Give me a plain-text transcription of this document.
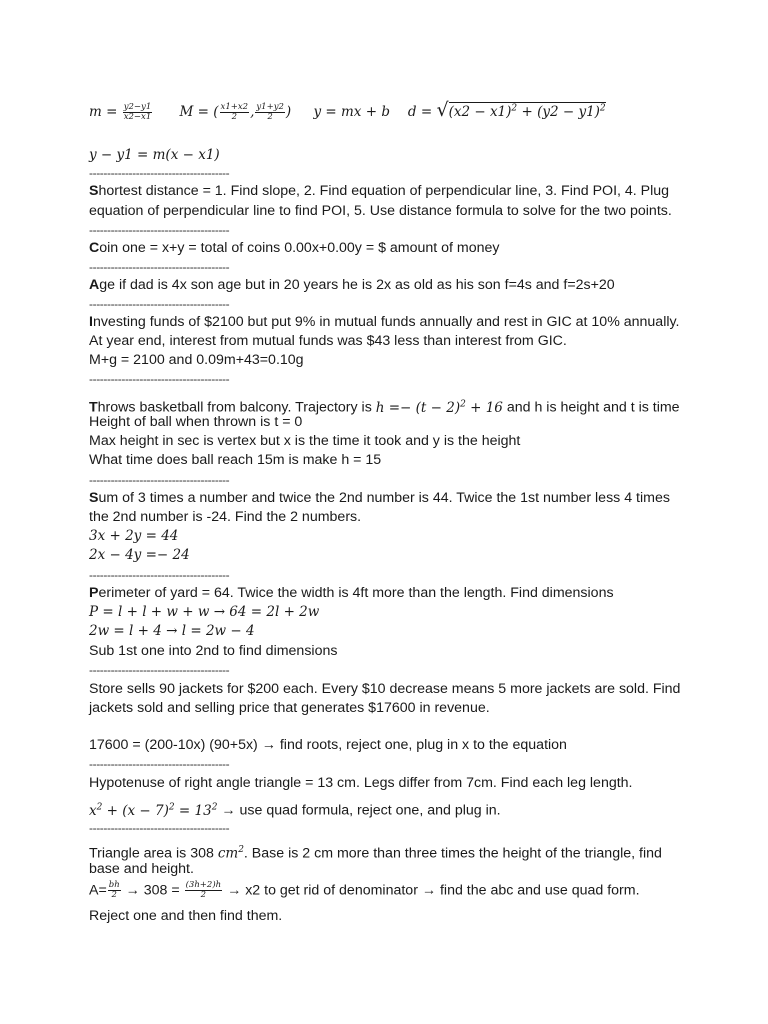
$m = \frac{y2-y1}{x2-x1}$ M = ( $\frac{x1+x2}{2}$ , $\frac{y1+y2}{2}$ ) y = mx + b $d = √(x2 - x1)^2 + (y2 - y1)^2$
y − y1 = m(x − x1)
---------------------------------------
Shortest distance = 1. Find slope, 2. Find equation of perpendicular line, 3. Find POI, 4. Plug
equation of perpendicular line to find POI, 5. Use distance formula to solve for the two points.
---------------------------------------
Coin one = x+y = total of coins 0.00x+0.00y = $ amount of money
---------------------------------------
Age if dad is 4x son age but in 20 years he is 2x as old as his son f=4s and f=2s+20
---------------------------------------
Investing funds of $2100 but put 9% in mutual funds annually and rest in GIC at 10% annually.
At year end, interest from mutual funds was $43 less than interest from GIC.
M+g = 2100 and 0.09m+43=0.10g
---------------------------------------
Throws basketball from balcony. Trajectory is $h =- (t - 2)^2 + 16$ and h is height and t is time
Height of ball when thrown is t = 0
Max height in sec is vertex but x is the time it took and y is the height
What time does ball reach 15m is make h = 15
---------------------------------------
Sum of 3 times a number and twice the 2nd number is 44. Twice the 1st number less 4 times
the 2nd number is -24. Find the 2 numbers.
3x + 2y = 44
2x − 4y =− 24
---------------------------------------
Perimeter of yard = 64. Twice the width is 4ft more than the length. Find dimensions
P = l + l + w + w → 64 = 2l + 2w
2w = l + 4 → l = 2w − 4
Sub 1st one into 2nd to find dimensions
---------------------------------------
Store sells 90 jackets for $200 each. Every $10 decrease means 5 more jackets are sold. Find
jackets sold and selling price that generates $17600 in revenue.
17600 = (200-10x) (90+5x) → find roots, reject one, plug in x to the equation
---------------------------------------
Hypotenuse of right angle triangle = 13 cm. Legs differ from 7cm. Find each leg length.
$x^2 + (x - 7)^2 = 13^2$ → use quad formula, reject one, and plug in.
---------------------------------------
Triangle area is 308 $cm^2$. Base is 2 cm more than three times the height of the triangle, find
base and height.
$A= \frac{bh}{2} \to 308 = \frac{(3h+2)h}{2} \to x2$ to get rid of denominator → find the abc and use quad form.
Reject one and then find them.
